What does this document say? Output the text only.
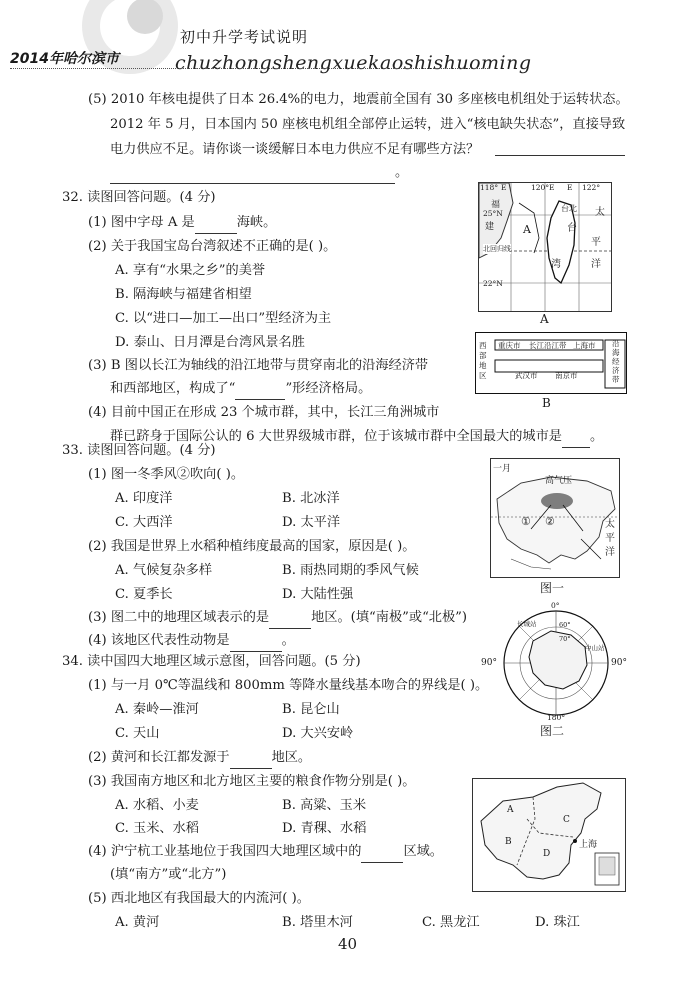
初中升学考试说明
2014年哈尔滨市	chuzhongshengxuekaoshishuoming
(5) 2010 年核电提供了日本 26.4%的电力，地震前全国有 30 多座核电机组处于运转状态。
2012 年 5 月，日本国内 50 座核电机组全部停止运转，进入“核电缺失状态”，直接导致
电力供应不足。请你谈一谈缓解日本电力供应不足有哪些方法？
。
32. 读图回答问题。(4 分)
(1) 图中字母 A 是	海峡。
(2) 关于我国宝岛台湾叙述不正确的是( )。
A. 享有“水果之乡”的美誉
B. 隔海峡与福建省相望
C. 以“进口—加工—出口”型经济为主
D. 泰山、日月潭是台湾风景名胜
(3) B 图以长江为轴线的沿江地带与贯穿南北的沿海经济带
和西部地区，构成了“	”形经济格局。
(4) 目前中国正在形成 23 个城市群，其中，长江三角洲城市
群已跻身于国际公认的 6 大世界级城市群，位于该城市群中全国最大的城市是 。
118° E	120° E	122°
E
25°N
22°N
福
建	A
台北
台
湾
北回归线
太
平
洋
A
西
部
地
区
重庆市 长江沿江带 上海市
武汉市 南京市
沿
海
经
济
带
B
33. 读图回答问题。(4 分)
(1) 图一冬季风②吹向( )。
A. 印度洋	B. 北冰洋
C. 大西洋	D. 太平洋
(2) 我国是世界上水稻种植纬度最高的国家，原因是( )。
A. 气候复杂多样	B. 雨热同期的季风气候
C. 夏季长	D. 大陆性强
(3) 图二中的地理区域表示的是	地区。(填“南极”或“北极”)
(4) 该地区代表性动物是	。
一月
高气压
① ②	太
平
洋
图一
0°
180°
90°	90°
长城站
中山站
60°
70°
图二
34. 读中国四大地理区域示意图，回答问题。(5 分)
(1) 与一月 0℃等温线和 800mm 等降水量线基本吻合的界线是( )。
A. 秦岭—淮河	B. 昆仑山
C. 天山	D. 大兴安岭
(2) 黄河和长江都发源于	地区。
(3) 我国南方地区和北方地区主要的粮食作物分别是( )。
A. 水稻、小麦	B. 高粱、玉米
C. 玉米、水稻	D. 青稞、水稻
(4) 沪宁杭工业基地位于我国四大地理区域中的	区域。
(填“南方”或“北方”)
(5) 西北地区有我国最大的内流河( )。
A. 黄河	B. 塔里木河	C. 黑龙江	D. 珠江
A
B
C
D
上海
40
